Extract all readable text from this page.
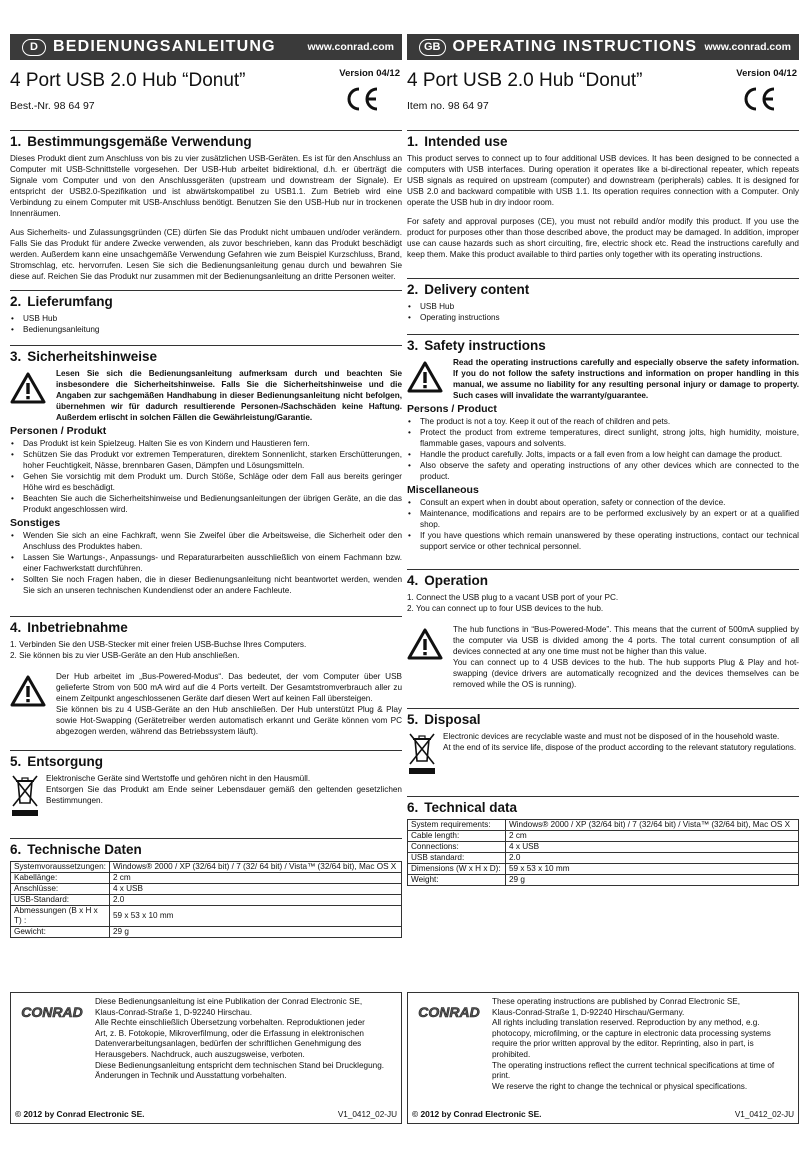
D BEDIENUNGSANLEITUNG	www.conrad.com
4 Port USB 2.0 Hub “Donut”	Version 04/12
Best.-Nr. 98 64 97
1. Bestimmungsgemäße Verwendung

Dieses Produkt dient zum Anschluss von bis zu vier zusätzlichen USB-Geräten. Es ist für den Anschluss an Computer mit USB-Schnittstelle vorgesehen. Der USB-Hub arbeitet bidirektional, d.h. er überträgt die Signale vom Computer und von den Anschlussgeräten (upstream und downstream der Signale). Er entspricht der USB2.0-Spezifikation und ist abwärtskompatibel zu USB1.1. Zum Betrieb wird eine Verbindung zu einem Computer mit USB-Anschluss benötigt. Benutzen Sie den USB-Hub nur in trockenen Innenräumen.

Aus Sicherheits- und Zulassungsgründen (CE) dürfen Sie das Produkt nicht umbauen und/oder verändern. Falls Sie das Produkt für andere Zwecke verwenden, als zuvor beschrieben, kann das Produkt beschädigt werden. Außerdem kann eine unsachgemäße Verwendung Gefahren wie zum Beispiel Kurzschluss, Brand, Stromschlag, etc. hervorrufen. Lesen Sie sich die Bedienungsanleitung genau durch und bewahren Sie diese auf. Reichen Sie das Produkt nur zusammen mit der Bedienungsanleitung an dritte Personen weiter.

2. Lieferumfang
• USB Hub
• Bedienungsanleitung
3. Sicherheitshinweise

Lesen Sie sich die Bedienungsanleitung aufmerksam durch und beachten Sie insbesondere die Sicherheitshinweise. Falls Sie die Sicherheitshinweise und die Angaben zur sachgemäßen Handhabung in dieser Bedienungsanleitung nicht befolgen, übernehmen wir für dadurch resultierende Personen-/Sachschäden keine Haftung. Außerdem erlischt in solchen Fällen die Gewährleistung/Garantie.

Personen / Produkt
• Das Produkt ist kein Spielzeug. Halten Sie es von Kindern und Haustieren fern.
• Schützen Sie das Produkt vor extremen Temperaturen, direktem Sonnenlicht, starken Erschütterungen, hoher Feuchtigkeit, Nässe, brennbaren Gasen, Dämpfen und Lösungsmitteln.
• Gehen Sie vorsichtig mit dem Produkt um. Durch Stöße, Schläge oder dem Fall aus bereits geringer Höhe wird es beschädigt.
• Beachten Sie auch die Sicherheitshinweise und Bedienungsanleitungen der übrigen Geräte, an die das Produkt angeschlossen wird.
Sonstiges
• Wenden Sie sich an eine Fachkraft, wenn Sie Zweifel über die Arbeitsweise, die Sicherheit oder den Anschluss des Produktes haben.
• Lassen Sie Wartungs-, Anpassungs- und Reparaturarbeiten ausschließlich von einem Fachmann bzw. einer Fachwerkstatt durchführen.
• Sollten Sie noch Fragen haben, die in dieser Bedienungsanleitung nicht beantwortet werden, wenden Sie sich an unseren technischen Kundendienst oder an andere Fachleute.
4. Inbetriebnahme
1. Verbinden Sie den USB-Stecker mit einer freien USB-Buchse Ihres Computers.
2. Sie können bis zu vier USB-Geräte an den Hub anschließen.

Der Hub arbeitet im „Bus-Powered-Modus“. Das bedeutet, der vom Computer über USB gelieferte Strom von 500 mA wird auf die 4 Ports verteilt. Der Gesamtstromverbrauch aller zu einem Zeitpunkt angeschlossenen Geräte darf diesen Wert auf keinen Fall übersteigen.

Sie können bis zu 4 USB-Geräte an den Hub anschließen. Der Hub unterstützt Plug & Play sowie Hot-Swapping (Gerätetreiber werden automatisch erkannt und Geräte können vom PC abgezogen werden, während das Betriebssystem läuft).

5. Entsorgung

Elektronische Geräte sind Wertstoffe und gehören nicht in den Hausmüll.

Entsorgen Sie das Produkt am Ende seiner Lebensdauer gemäß den geltenden gesetzlichen Bestimmungen.

6. Technische Daten
Systemvoraussetzungen:	Windows® 2000 / XP (32/64 bit) / 7 (32/ 64 bit) / Vista™ (32/64 bit), Mac OS X
Kabellänge:	2 cm
Anschlüsse:	4 x USB
USB-Standard:	2.0
Abmessungen (B x H x T) :	59 x 53 x 10 mm
Gewicht:	29 g
CONRAD
Diese Bedienungsanleitung ist eine Publikation der Conrad Electronic SE,
Klaus-Conrad-Straße 1, D-92240 Hirschau.
Alle Rechte einschließlich Übersetzung vorbehalten. Reproduktionen jeder
Art, z. B. Fotokopie, Mikroverfilmung, oder die Erfassung in elektronischen
Datenverarbeitungsanlagen, bedürfen der schriftlichen Genehmigung des
Herausgebers. Nachdruck, auch auszugsweise, verboten.
Diese Bedienungsanleitung entspricht dem technischen Stand bei Drucklegung.
Änderungen in Technik und Ausstattung vorbehalten.
© 2012 by Conrad Electronic SE.	V1_0412_02-JU
GB OPERATING INSTRUCTIONS www.conrad.com
4 Port USB 2.0 Hub “Donut”	Version 04/12
Item no. 98 64 97
1. Intended use

This product serves to connect up to four additional USB devices. It has been designed to be connected a computers with USB interfaces. During operation it operates like a bi-directional repeater, which repeats USB signals as required on upstream (computer) and downstream (peripherals) cables. It is designed for USB 2.0 and backward compatible with USB 1.1. Its operation requires connection with a Computer. Only operate the USB hub in dry indoor room.

For safety and approval purposes (CE), you must not rebuild and/or modify this product. If you use the product for purposes other than those described above, the product may be damaged. In addition, improper use can cause hazards such as short circuiting, fire, electric shock etc. Read the instructions carefully and keep them. Make this product available to third parties only together with its operating instructions.

2. Delivery content
• USB Hub
• Operating instructions
3. Safety instructions

Read the operating instructions carefully and especially observe the safety information. If you do not follow the safety instructions and information on proper handling in this manual, we assume no liability for any resulting personal injury or damage to property. Such cases will invalidate the warranty/guarantee.

Persons / Product
• The product is not a toy. Keep it out of the reach of children and pets.
• Protect the product from extreme temperatures, direct sunlight, strong jolts, high humidity, moisture, flammable gases, vapours and solvents.
• Handle the product carefully. Jolts, impacts or a fall even from a low height can damage the product.
• Also observe the safety and operating instructions of any other devices which are connected to the product.
Miscellaneous
• Consult an expert when in doubt about operation, safety or connection of the device.
• Maintenance, modifications and repairs are to be performed exclusively by an expert or at a qualified shop.
• If you have questions which remain unanswered by these operating instructions, contact our technical support service or other technical personnel.
4. Operation
1. Connect the USB plug to a vacant USB port of your PC.
2. You can connect up to four USB devices to the hub.

The hub functions in “Bus-Powered-Mode”. This means that the current of 500mA supplied by the computer via USB is divided among the 4 ports. The total current consumption of all devices connected at any one time must not be higher than this value.

You can connect up to 4 USB devices to the hub. The hub supports Plug & Play and hot-swapping (device drivers are automatically recognized and the devices themselves can be removed while the OS is running).

5. Disposal

Electronic devices are recyclable waste and must not be disposed of in the household waste.

At the end of its service life, dispose of the product according to the relevant statutory regulations.

6. Technical data
System requirements:	Windows® 2000 / XP (32/64 bit) / 7 (32/64 bit) / Vista™ (32/64 bit), Mac OS X
Cable length:	2 cm
Connections:	4 x USB
USB standard:	2.0
Dimensions (W x H x D):	59 x 53 x 10 mm
Weight:	29 g
CONRAD
These operating instructions are published by Conrad Electronic SE,
Klaus-Conrad-Straße 1, D-92240 Hirschau/Germany.
All rights including translation reserved. Reproduction by any method, e.g.
photocopy, microfilming, or the capture in electronic data processing systems
require the prior written approval by the editor. Reprinting, also in part, is prohibited.
The operating instructions reflect the current technical specifications at time of print.
We reserve the right to change the technical or physical specifications.
© 2012 by Conrad Electronic SE.	V1_0412_02-JU
